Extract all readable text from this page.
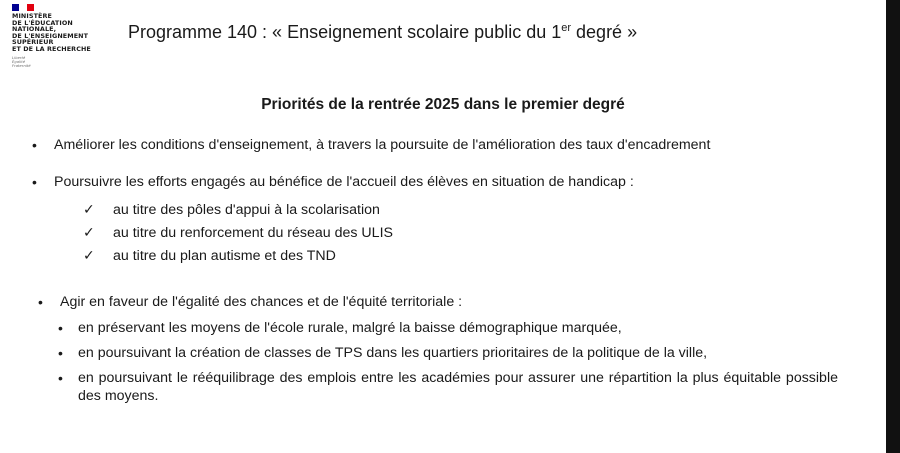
MINISTÈRE
DE L'ÉDUCATION
NATIONALE,
DE L'ENSEIGNEMENT
SUPÉRIEUR
ET DE LA RECHERCHE
Liberté
Égalité
Fraternité
Programme 140 : « Enseignement scolaire public du 1er degré »
Priorités de la rentrée 2025 dans le premier degré
• Améliorer les conditions d'enseignement, à travers la poursuite de l'amélioration des taux d'encadrement
• Poursuivre les efforts engagés au bénéfice de l'accueil des élèves en situation de handicap :
✓ au titre des pôles d'appui à la scolarisation
✓ au titre du renforcement du réseau des ULIS
✓ au titre du plan autisme et des TND
• Agir en faveur de l'égalité des chances et de l'équité territoriale :
• en préservant les moyens de l'école rurale, malgré la baisse démographique marquée,
• en poursuivant la création de classes de TPS dans les quartiers prioritaires de la politique de la ville,
• en poursuivant le rééquilibrage des emplois entre les académies pour assurer une répartition la plus équitable possible des moyens.
